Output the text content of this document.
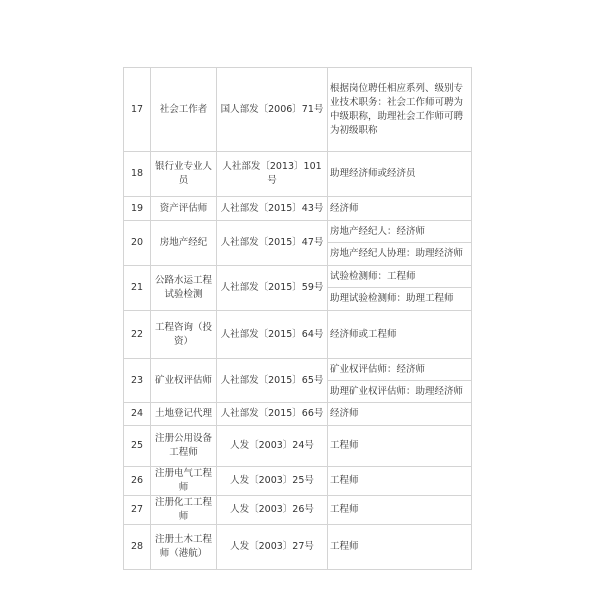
17	社会工作者	国人部发〔2006〕71号	根据岗位聘任相应系列、级别专业技术职务：社会工作师可聘为中级职称，助理社会工作师可聘为初级职称
18	银行业专业人员	人社部发〔2013〕101号	助理经济师或经济员
19	资产评估师	人社部发〔2015〕43号	经济师
20	房地产经纪	人社部发〔2015〕47号	房地产经纪人：经济师
			房地产经纪人协理：助理经济师
21	公路水运工程试验检测	人社部发〔2015〕59号	试验检测师：工程师
			助理试验检测师：助理工程师
22	工程咨询（投资）	人社部发〔2015〕64号	经济师或工程师
23	矿业权评估师	人社部发〔2015〕65号	矿业权评估师：经济师
			助理矿业权评估师：助理经济师
24	土地登记代理	人社部发〔2015〕66号	经济师
25	注册公用设备工程师	人发〔2003〕24号	工程师
26	注册电气工程师	人发〔2003〕25号	工程师
27	注册化工工程师	人发〔2003〕26号	工程师
28	注册土木工程师（港航）	人发〔2003〕27号	工程师
